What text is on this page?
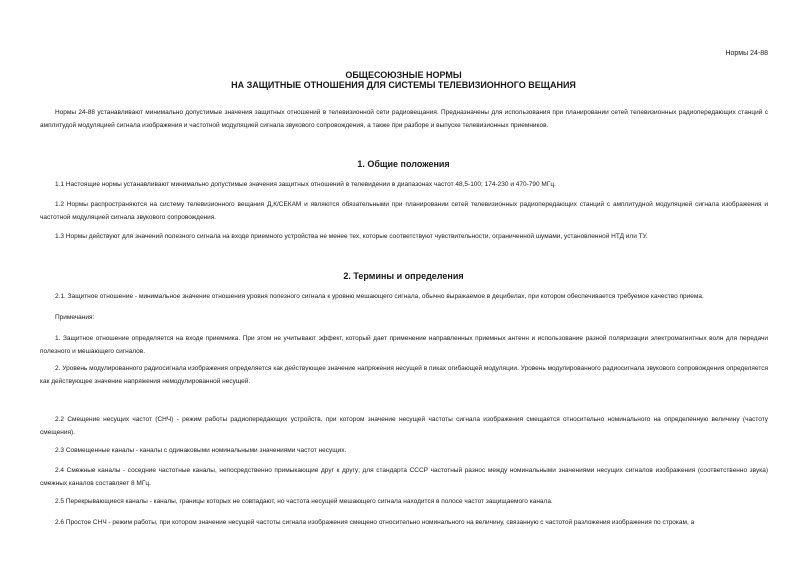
Нормы 24-88
ОБЩЕСОЮЗНЫЕ НОРМЫ
НА ЗАЩИТНЫЕ ОТНОШЕНИЯ ДЛЯ СИСТЕМЫ ТЕЛЕВИЗИОННОГО ВЕЩАНИЯ

Нормы 24-88 устанавливают минимально допустимые значения защитных отношений в телевизионной сети радиовещания. Предназначены для использования при планировании сетей телевизионных радиопередающих станций с амплитудой модуляцией сигнала изображения и частотной модуляцией сигнала звукового сопровождения, а также при разборе и выпуске телевизионных приемников.

1. Общие положения

1.1 Настоящие нормы устанавливают минимально допустимые значения защитных отношений в телевидении в диапазонах частот 48,5-100; 174-230 и 470-790 МГц.

1.2 Нормы распространяются на систему телевизионного вещания Д,К/СЕКАМ и являются обязательными при планировании сетей телевизионных радиопередающих станций с амплитудной модуляцией сигнала изображения и частотной модуляцией сигнала звукового сопровождения.

1.3 Нормы действуют для значений полезного сигнала на входе приемного устройства не менее тех, которые соответствуют чувствительности, ограниченной шумами, установленной НТД или ТУ.

2. Термины и определения

2.1. Защитное отношение - минимальное значение отношения уровня полезного сигнала к уровню мешающего сигнала, обычно выражаемое в децибелах, при котором обеспечивается требуемое качество приема.

Примечания:

1. Защитное отношение определяется на входе приемника. При этом не учитывают эффект, который дает применение направленных приемных антенн и использование разной поляризации электромагнитных волн для передачи полезного и мешающего сигналов.

2. Уровень модулированного радиосигнала изображения определяется как действующее значение напряжения несущей в пиках огибающей модуляции. Уровень модулированного радиосигнала звукового сопровождения определяется как действующее значение напряжения немодулированной несущей.

2.2 Смещение несущих частот (СНЧ) - режим работы радиопередающих устройств, при котором значение несущей частоты сигнала изображения смещается относительно номинального на определенную величину (частоту смещения).

2.3 Совмещенные каналы - каналы с одинаковыми номинальными значениями частот несущих.

2.4 Смежные каналы - соседние частотные каналы, непосредственно примыкающие друг к другу; для стандарта СССР частотный разнос между номинальными значениями несущих сигналов изображения (соответственно звука) смежных каналов составляет 8 МГц.

2.5 Перекрывающиеся каналы - каналы, границы которых не совпадают, но частота несущей мешающего сигнала находится в полосе частот защищаемого канала.

2.6 Простое СНЧ - режим работы, при котором значение несущей частоты сигнала изображения смещено относительно номинального на величину, связанную с частотой разложения изображения по строкам, а
